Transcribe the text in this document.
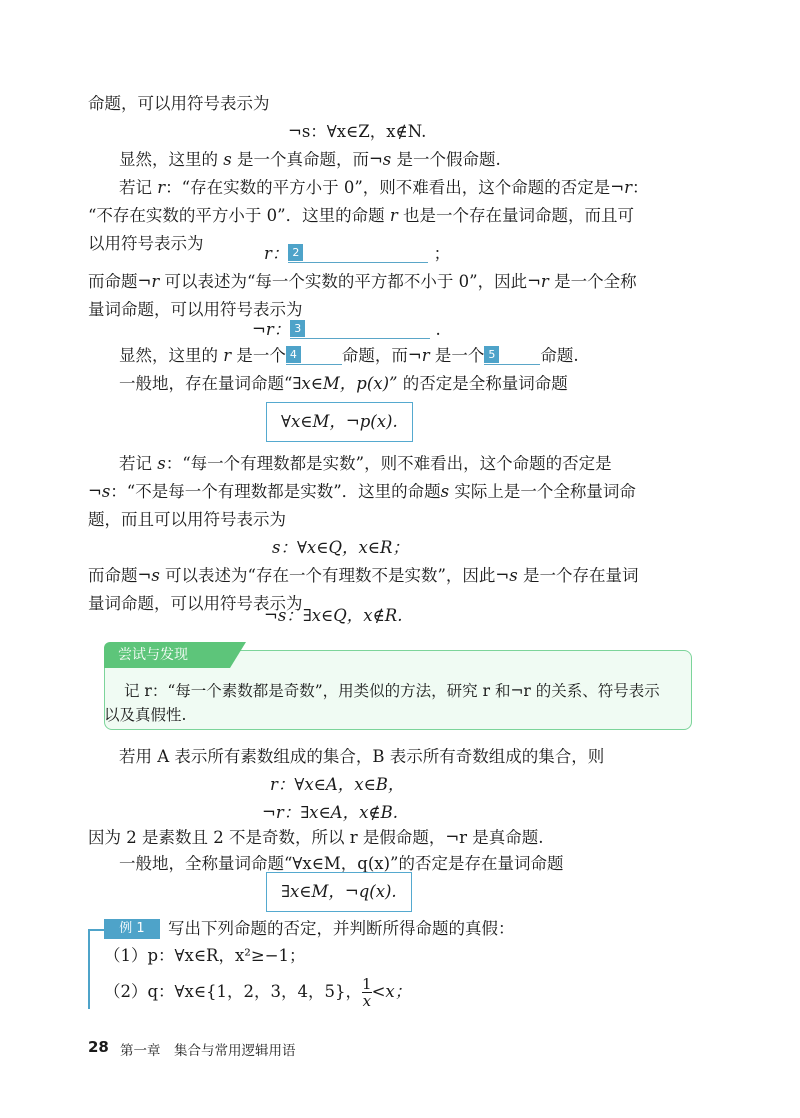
命题，可以用符号表示为
¬s：∀x∈Z，x∉N.
显然，这里的 s 是一个真命题，而¬s 是一个假命题.
若记 r：“存在实数的平方小于 0”，则不难看出，这个命题的否定是¬r：
“不存在实数的平方小于 0”．这里的命题 r 也是一个存在量词命题，而且可
以用符号表示为
r： 2	；
而命题¬r 可以表述为“每一个实数的平方都不小于 0”，因此¬r 是一个全称
量词命题，可以用符号表示为
¬r： 3	.
显然，这里的 r 是一个 4	命题，而¬r 是一个 5	命题.
一般地，存在量词命题“∃x∈M，p(x)” 的否定是全称量词命题
∀x∈M，¬p(x).
若记 s：“每一个有理数都是实数”，则不难看出，这个命题的否定是
¬s：“不是每一个有理数都是实数”．这里的命题s 实际上是一个全称量词命
题，而且可以用符号表示为
s：∀x∈Q，x∈R；
而命题¬s 可以表述为“存在一个有理数不是实数”，因此¬s 是一个存在量词
量词命题，可以用符号表示为
¬s：∃x∈Q，x∉R.
尝试与发现
记 r：“每一个素数都是奇数”，用类似的方法，研究 r 和¬r 的关系、符号表示
以及真假性.
若用 A 表示所有素数组成的集合，B 表示所有奇数组成的集合，则
r：∀x∈A，x∈B，
¬r：∃x∈A，x∉B.
因为 2 是素数且 2 不是奇数，所以 r 是假命题，¬r 是真命题.
一般地，全称量词命题“∀x∈M，q(x)”的否定是存在量词命题
∃x∈M，¬q(x).
例 1	写出下列命题的否定，并判断所得命题的真假：
（1）p：∀x∈R，x²≥−1；
（2）q：∀x∈{1，2，3，4，5}， $\frac{1}{x} <x$；
28 第一章　集合与常用逻辑用语
